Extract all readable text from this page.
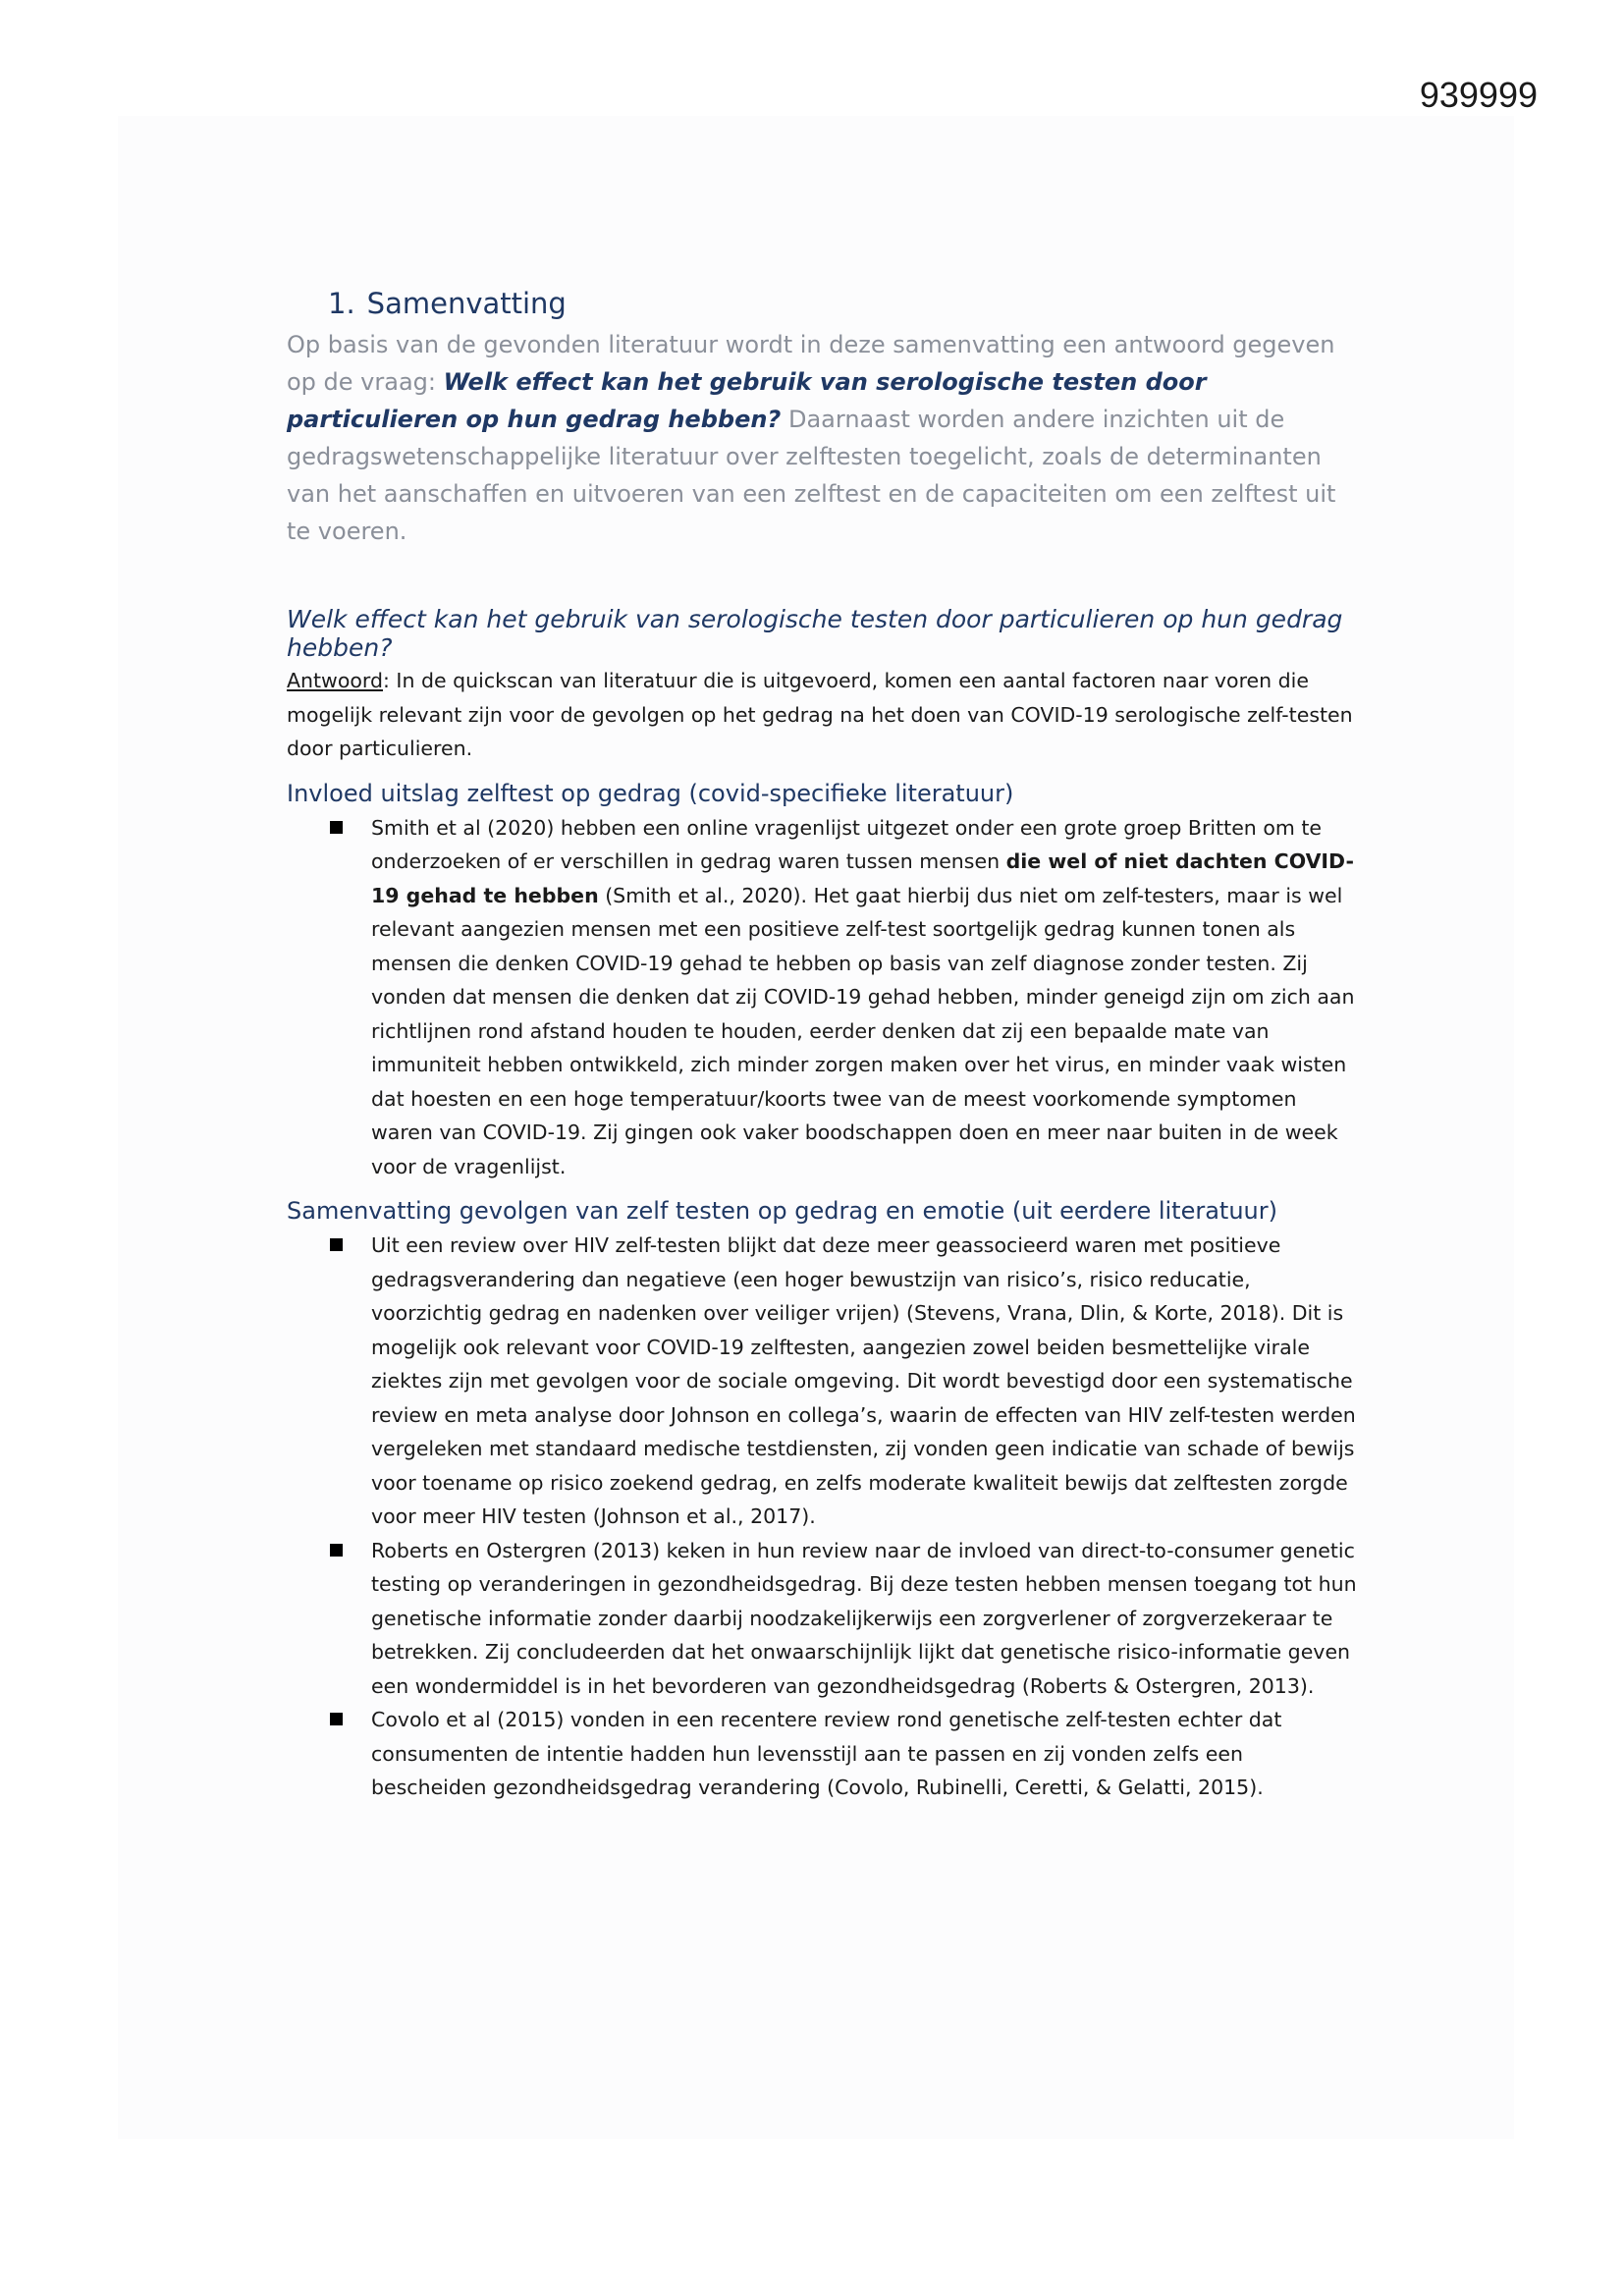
939999
1. Samenvatting

Op basis van de gevonden literatuur wordt in deze samenvatting een antwoord gegeven op de vraag: Welk effect kan het gebruik van serologische testen door particulieren op hun gedrag hebben? Daarnaast worden andere inzichten uit de gedragswetenschappelijke literatuur over zelftesten toegelicht, zoals de determinanten van het aanschaffen en uitvoeren van een zelftest en de capaciteiten om een zelftest uit te voeren.

Welk effect kan het gebruik van serologische testen door particulieren op hun gedrag hebben?

Antwoord: In de quickscan van literatuur die is uitgevoerd, komen een aantal factoren naar voren die mogelijk relevant zijn voor de gevolgen op het gedrag na het doen van COVID-19 serologische zelf-testen door particulieren.

Invloed uitslag zelftest op gedrag (covid-specifieke literatuur)
Smith et al (2020) hebben een online vragenlijst uitgezet onder een grote groep Britten om te onderzoeken of er verschillen in gedrag waren tussen mensen die wel of niet dachten COVID-19 gehad te hebben (Smith et al., 2020). Het gaat hierbij dus niet om zelf-testers, maar is wel relevant aangezien mensen met een positieve zelf-test soortgelijk gedrag kunnen tonen als mensen die denken COVID-19 gehad te hebben op basis van zelf diagnose zonder testen. Zij vonden dat mensen die denken dat zij COVID-19 gehad hebben, minder geneigd zijn om zich aan richtlijnen rond afstand houden te houden, eerder denken dat zij een bepaalde mate van immuniteit hebben ontwikkeld, zich minder zorgen maken over het virus, en minder vaak wisten dat hoesten en een hoge temperatuur/koorts twee van de meest voorkomende symptomen waren van COVID-19. Zij gingen ook vaker boodschappen doen en meer naar buiten in de week voor de vragenlijst.
Samenvatting gevolgen van zelf testen op gedrag en emotie (uit eerdere literatuur)
Uit een review over HIV zelf-testen blijkt dat deze meer geassocieerd waren met positieve gedragsverandering dan negatieve (een hoger bewustzijn van risico’s, risico reducatie, voorzichtig gedrag en nadenken over veiliger vrijen) (Stevens, Vrana, Dlin, & Korte, 2018). Dit is mogelijk ook relevant voor COVID-19 zelftesten, aangezien zowel beiden besmettelijke virale ziektes zijn met gevolgen voor de sociale omgeving. Dit wordt bevestigd door een systematische review en meta analyse door Johnson en collega’s, waarin de effecten van HIV zelf-testen werden vergeleken met standaard medische testdiensten, zij vonden geen indicatie van schade of bewijs voor toename op risico zoekend gedrag, en zelfs moderate kwaliteit bewijs dat zelftesten zorgde voor meer HIV testen (Johnson et al., 2017).
Roberts en Ostergren (2013) keken in hun review naar de invloed van direct-to-consumer genetic testing op veranderingen in gezondheidsgedrag. Bij deze testen hebben mensen toegang tot hun genetische informatie zonder daarbij noodzakelijkerwijs een zorgverlener of zorgverzekeraar te betrekken. Zij concludeerden dat het onwaarschijnlijk lijkt dat genetische risico-informatie geven een wondermiddel is in het bevorderen van gezondheidsgedrag (Roberts & Ostergren, 2013).
Covolo et al (2015) vonden in een recentere review rond genetische zelf-testen echter dat consumenten de intentie hadden hun levensstijl aan te passen en zij vonden zelfs een bescheiden gezondheidsgedrag verandering (Covolo, Rubinelli, Ceretti, & Gelatti, 2015).
